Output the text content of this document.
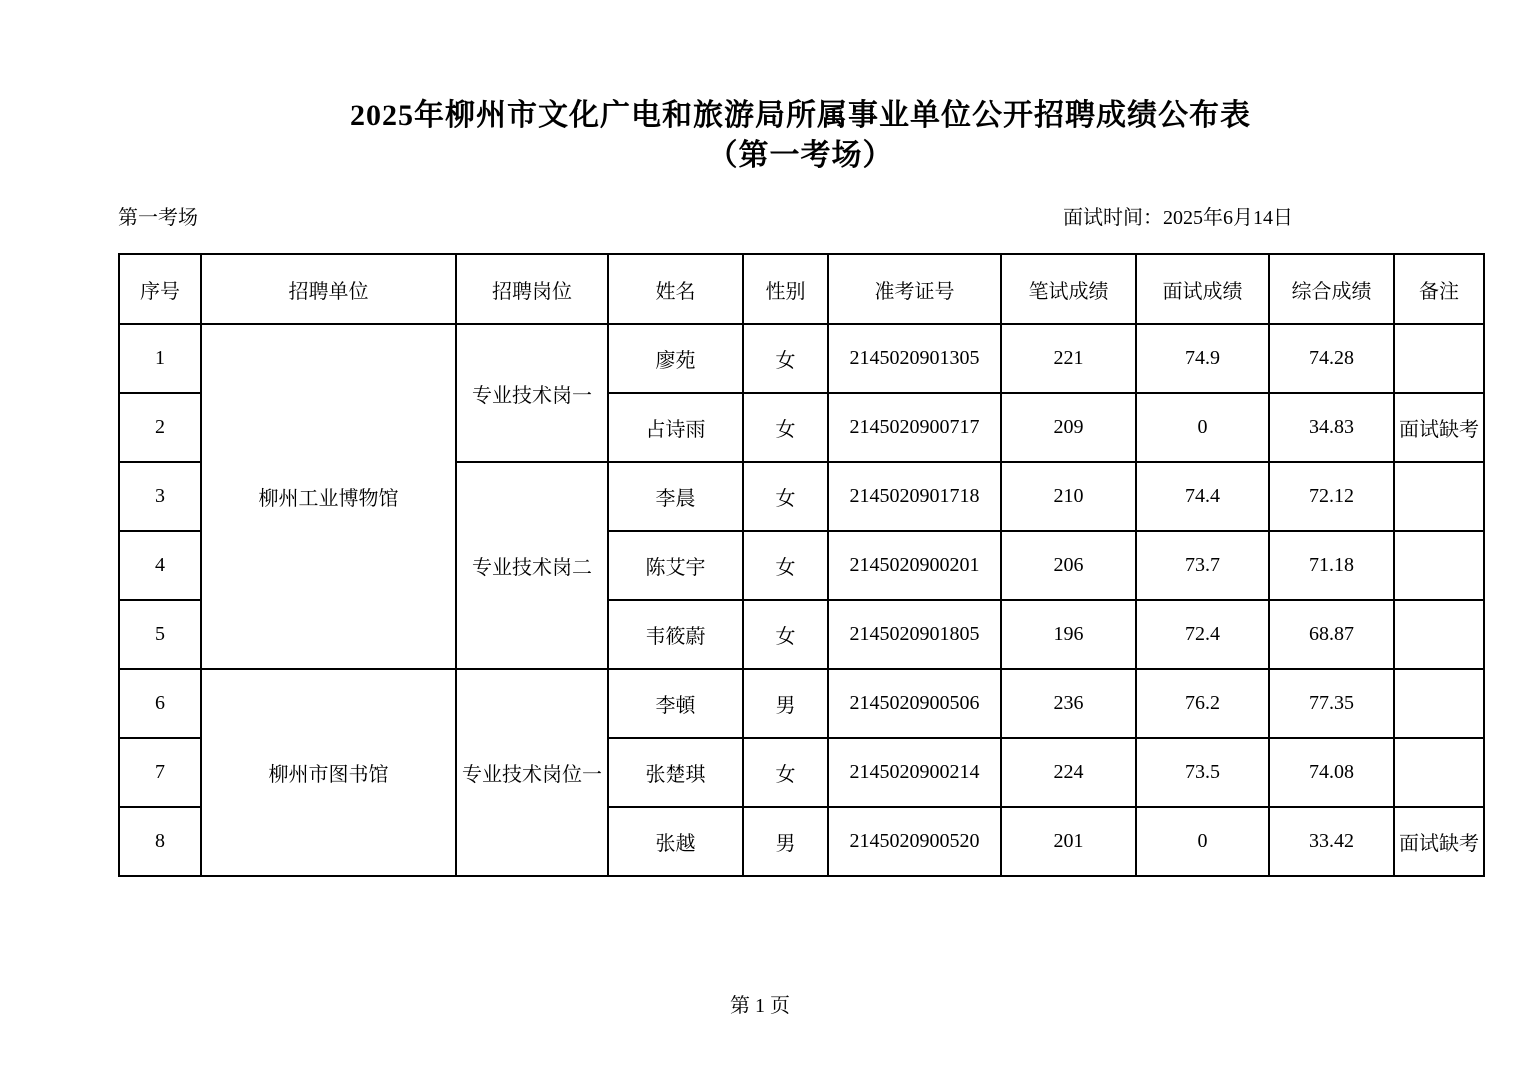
2025年柳州市文化广电和旅游局所属事业单位公开招聘成绩公布表
（第一考场）
第一考场	面试时间：2025年6月14日
序号	招聘单位	招聘岗位	姓名	性别	准考证号	笔试成绩	面试成绩	综合成绩	备注
1	柳州工业博物馆	专业技术岗一	廖苑	女	2145020901305	221	74.9	74.28	
2			占诗雨	女	2145020900717	209	0	34.83	面试缺考
3		专业技术岗二	李晨	女	2145020901718	210	74.4	72.12	
4			陈艾宇	女	2145020900201	206	73.7	71.18	
5			韦筱蔚	女	2145020901805	196	72.4	68.87	
6	柳州市图书馆	专业技术岗位一	李頓	男	2145020900506	236	76.2	77.35	
7			张楚琪	女	2145020900214	224	73.5	74.08	
8			张越	男	2145020900520	201	0	33.42	面试缺考
第 1 页
